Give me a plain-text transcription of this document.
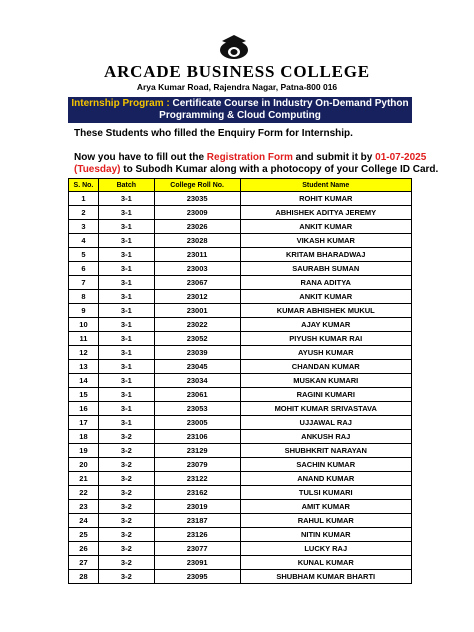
ARCADE BUSINESS COLLEGE
Arya Kumar Road, Rajendra Nagar, Patna-800 016
Internship Program : Certificate Course in Industry On-Demand Python
Programming & Cloud Computing
These Students who filled the Enquiry Form for Internship.
Now you have to fill out the Registration Form and submit it by 01-07-2025
(Tuesday) to Subodh Kumar along with a photocopy of your College ID Card.
S. No.	Batch	College Roll No.	Student Name
1	3-1	23035	ROHIT KUMAR
2	3-1	23009	ABHISHEK ADITYA JEREMY
3	3-1	23026	ANKIT KUMAR
4	3-1	23028	VIKASH KUMAR
5	3-1	23011	KRITAM BHARADWAJ
6	3-1	23003	SAURABH SUMAN
7	3-1	23067	RANA ADITYA
8	3-1	23012	ANKIT KUMAR
9	3-1	23001	KUMAR ABHISHEK MUKUL
10	3-1	23022	AJAY KUMAR
11	3-1	23052	PIYUSH KUMAR RAI
12	3-1	23039	AYUSH KUMAR
13	3-1	23045	CHANDAN KUMAR
14	3-1	23034	MUSKAN KUMARI
15	3-1	23061	RAGINI KUMARI
16	3-1	23053	MOHIT KUMAR SRIVASTAVA
17	3-1	23005	UJJAWAL RAJ
18	3-2	23106	ANKUSH RAJ
19	3-2	23129	SHUBHKRIT NARAYAN
20	3-2	23079	SACHIN KUMAR
21	3-2	23122	ANAND KUMAR
22	3-2	23162	TULSI KUMARI
23	3-2	23019	AMIT KUMAR
24	3-2	23187	RAHUL KUMAR
25	3-2	23126	NITIN KUMAR
26	3-2	23077	LUCKY RAJ
27	3-2	23091	KUNAL KUMAR
28	3-2	23095	SHUBHAM KUMAR BHARTI
